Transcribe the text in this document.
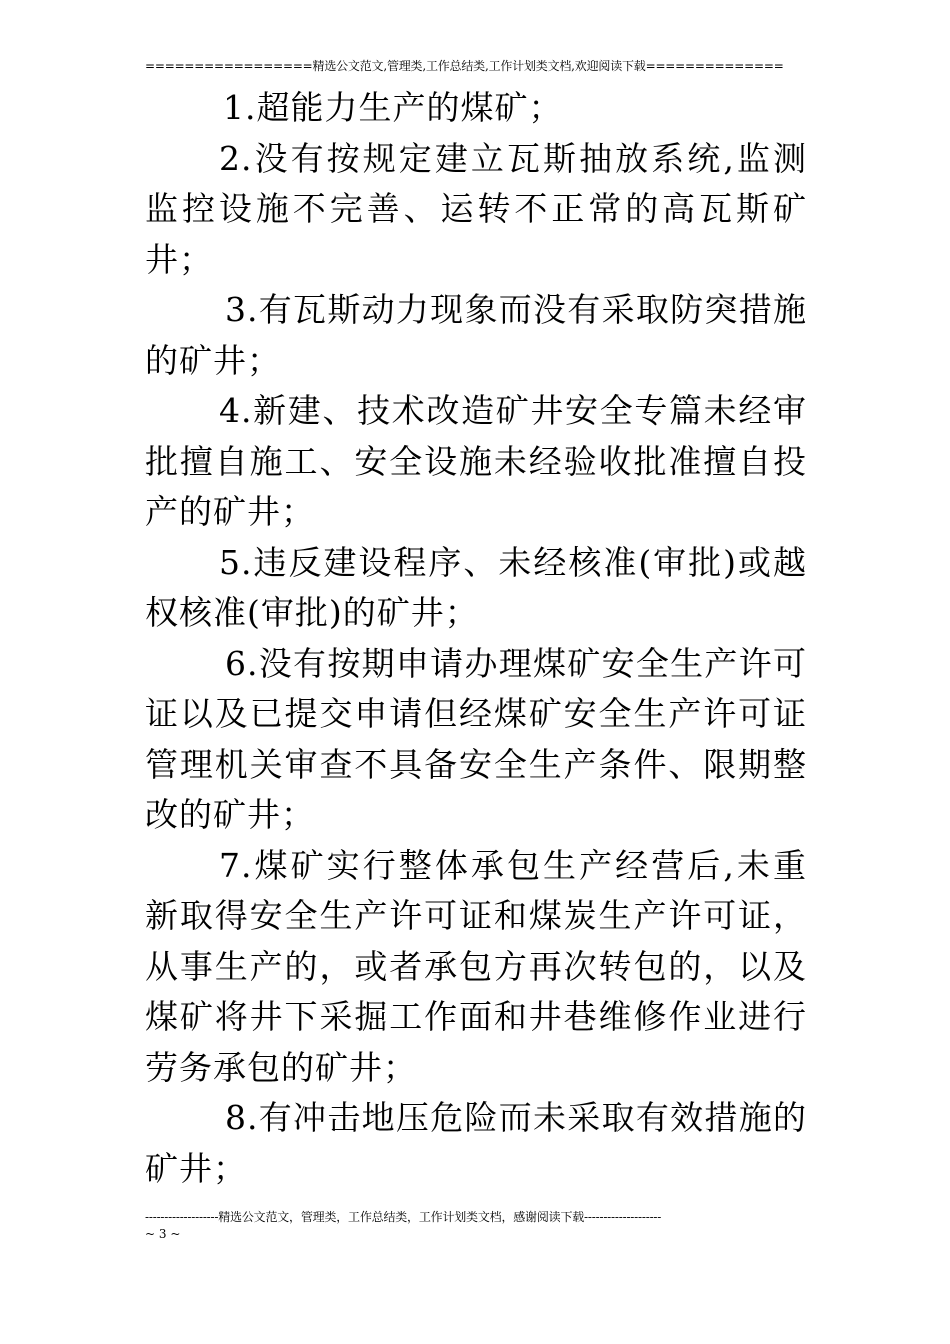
=================精选公文范文,管理类,工作总结类,工作计划类文档,欢迎阅读下载==============

1.超能力生产的煤矿；

2.没有按规定建立瓦斯抽放系统,监测监控设施不完善、运转不正常的高瓦斯矿井；

3.有瓦斯动力现象而没有采取防突措施的矿井；

4.新建、技术改造矿井安全专篇未经审批擅自施工、安全设施未经验收批准擅自投产的矿井；

5.违反建设程序、未经核准(审批)或越权核准(审批)的矿井；

6.没有按期申请办理煤矿安全生产许可证以及已提交申请但经煤矿安全生产许可证管理机关审查不具备安全生产条件、限期整改的矿井；

7.煤矿实行整体承包生产经营后,未重新取得安全生产许可证和煤炭生产许可证，从事生产的，或者承包方再次转包的，以及煤矿将井下采掘工作面和井巷维修作业进行劳务承包的矿井；

8.有冲击地压危险而未采取有效措施的矿井；

-------------------精选公文范文，管理类，工作总结类，工作计划类文档，感谢阅读下载--------------------
~ 3 ~
